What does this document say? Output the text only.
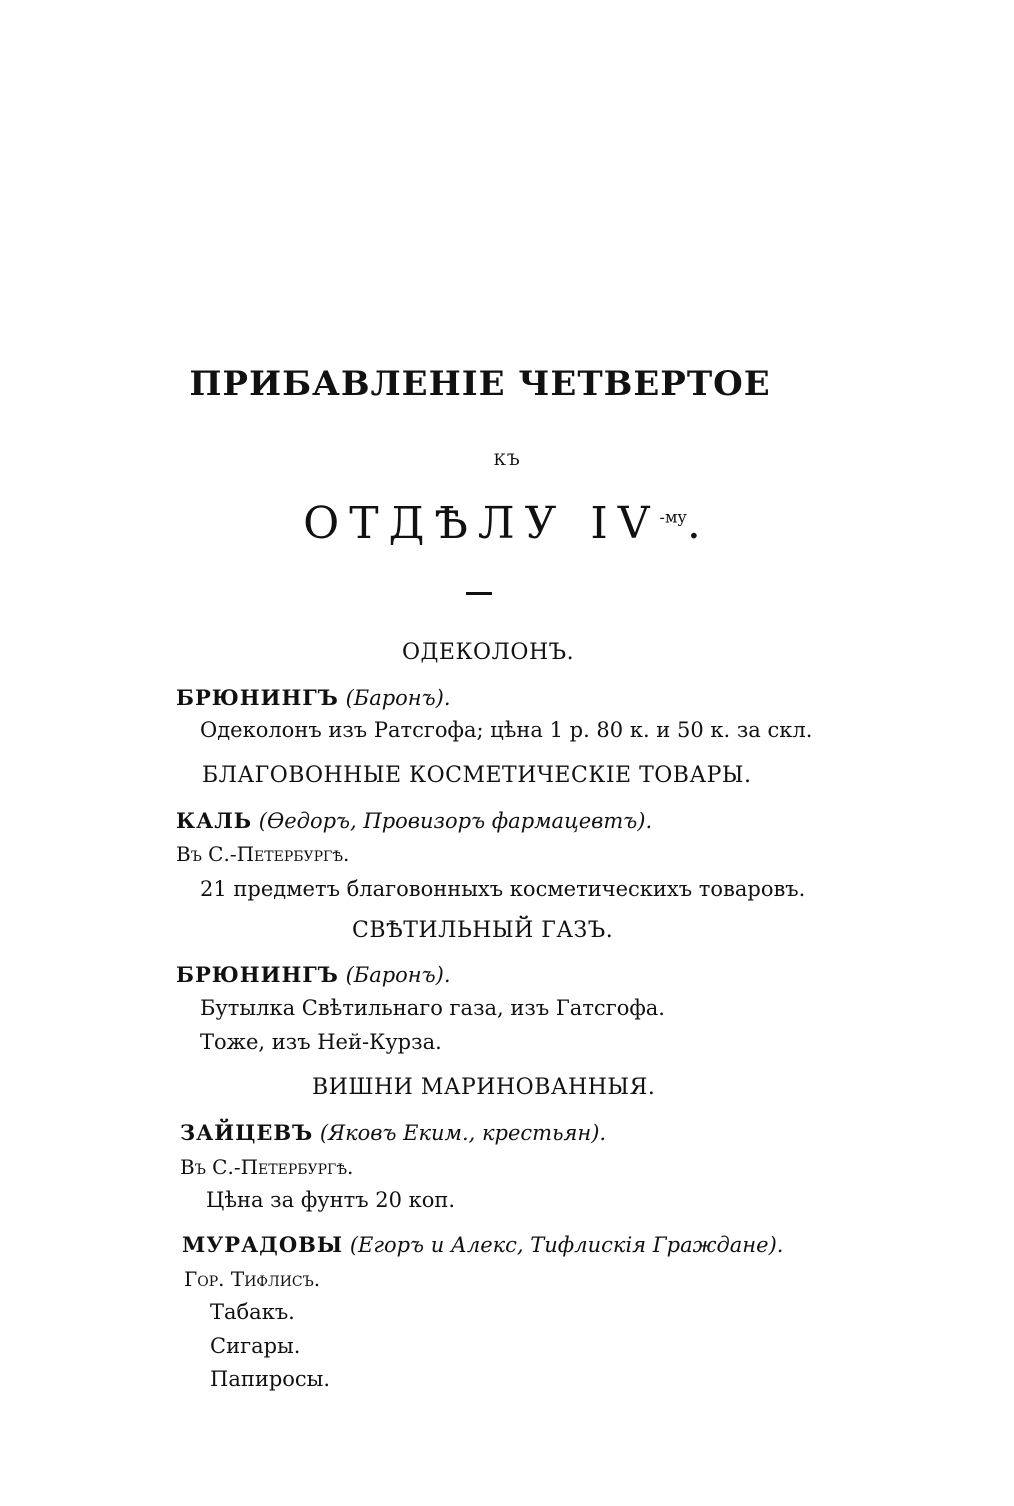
ПРИБАВЛЕНІЕ ЧЕТВЕРТОЕ
КЪ
ОТДѢЛУ $IV^{-му}$.
ОДЕКОЛОНЪ.
БРЮНИНГЪ (Баронъ).
Одеколонъ изъ Ратсгофа; цѣна 1 р. 80 к. и 50 к. за скл.
БЛАГОВОННЫЕ КОСМЕТИЧЕСКІЕ ТОВАРЫ.
КАЛЬ (Ѳедоръ, Провизоръ фармацевтъ).
Въ С.-Петербургѣ.
21 предметъ благовонныхъ косметическихъ товаровъ.
СВѢТИЛЬНЫЙ ГАЗЪ.
БРЮНИНГЪ (Баронъ).
Бутылка Свѣтильнаго газа, изъ Гатсгофа.
Тоже, изъ Ней-Курза.
ВИШНИ МАРИНОВАННЫЯ.
ЗАЙЦЕВЪ (Яковъ Еким., крестьян).
Въ С.-Петербургѣ.
Цѣна за фунтъ 20 коп.
МУРАДОВЫ (Егоръ и Алекс, Тифлискія Граждане).
Гор. Тифлисъ.
Табакъ.
Сигары.
Папиросы.
